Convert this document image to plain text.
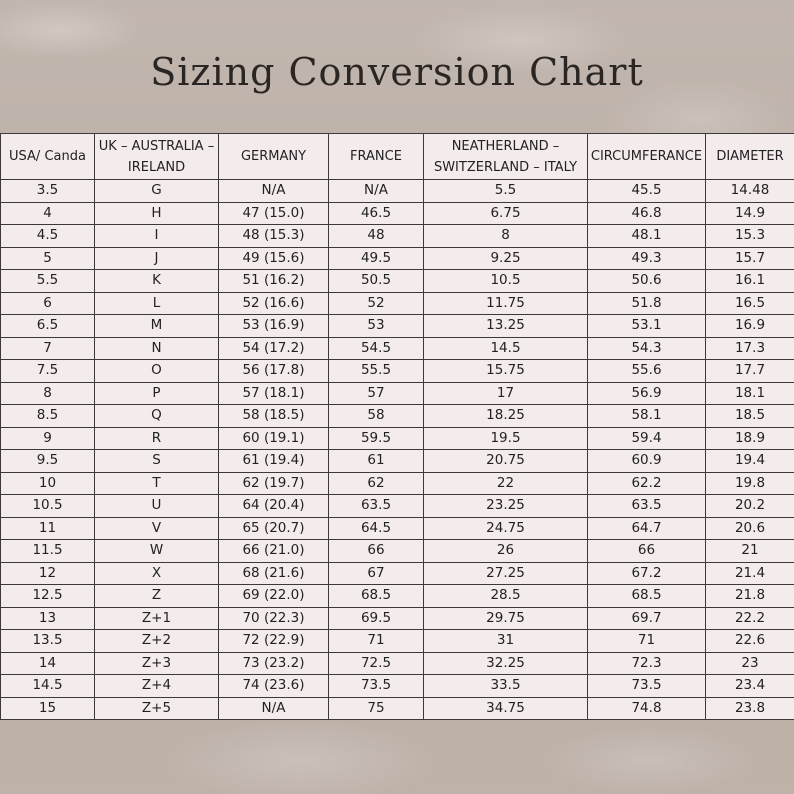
Sizing Conversion Chart
USA/ Canda	UK – AUSTRALIA – IRELAND	GERMANY	FRANCE	NEATHERLAND – SWITZERLAND – ITALY	CIRCUMFERANCE	DIAMETER
3.5	G	N/A	N/A	5.5	45.5	14.48
4	H	47 (15.0)	46.5	6.75	46.8	14.9
4.5	I	48 (15.3)	48	8	48.1	15.3
5	J	49 (15.6)	49.5	9.25	49.3	15.7
5.5	K	51 (16.2)	50.5	10.5	50.6	16.1
6	L	52 (16.6)	52	11.75	51.8	16.5
6.5	M	53 (16.9)	53	13.25	53.1	16.9
7	N	54 (17.2)	54.5	14.5	54.3	17.3
7.5	O	56 (17.8)	55.5	15.75	55.6	17.7
8	P	57 (18.1)	57	17	56.9	18.1
8.5	Q	58 (18.5)	58	18.25	58.1	18.5
9	R	60 (19.1)	59.5	19.5	59.4	18.9
9.5	S	61 (19.4)	61	20.75	60.9	19.4
10	T	62 (19.7)	62	22	62.2	19.8
10.5	U	64 (20.4)	63.5	23.25	63.5	20.2
11	V	65 (20.7)	64.5	24.75	64.7	20.6
11.5	W	66 (21.0)	66	26	66	21
12	X	68 (21.6)	67	27.25	67.2	21.4
12.5	Z	69 (22.0)	68.5	28.5	68.5	21.8
13	Z+1	70 (22.3)	69.5	29.75	69.7	22.2
13.5	Z+2	72 (22.9)	71	31	71	22.6
14	Z+3	73 (23.2)	72.5	32.25	72.3	23
14.5	Z+4	74 (23.6)	73.5	33.5	73.5	23.4
15	Z+5	N/A	75	34.75	74.8	23.8
